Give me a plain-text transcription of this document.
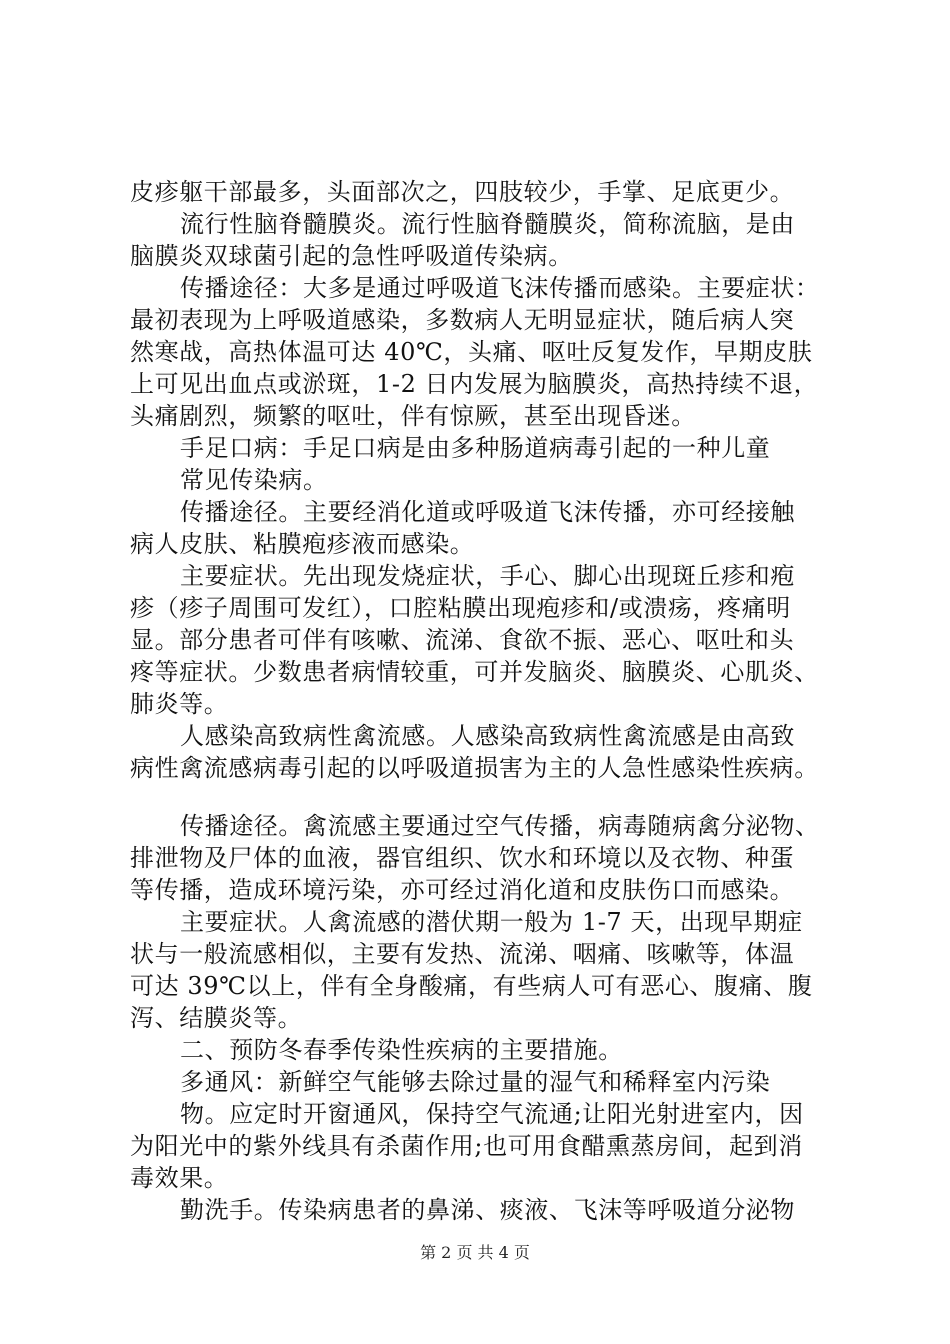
皮疹躯干部最多，头面部次之，四肢较少，手掌、足底更少。
流行性脑脊髓膜炎。流行性脑脊髓膜炎，简称流脑，是由
脑膜炎双球菌引起的急性呼吸道传染病。
传播途径：大多是通过呼吸道飞沫传播而感染。主要症状：
最初表现为上呼吸道感染，多数病人无明显症状，随后病人突
然寒战，高热体温可达 40℃，头痛、呕吐反复发作，早期皮肤
上可见出血点或淤斑，1-2 日内发展为脑膜炎，高热持续不退，
头痛剧烈，频繁的呕吐，伴有惊厥，甚至出现昏迷。
手足口病：手足口病是由多种肠道病毒引起的一种儿童
常见传染病。
传播途径。主要经消化道或呼吸道飞沫传播，亦可经接触
病人皮肤、粘膜疱疹液而感染。
主要症状。先出现发烧症状，手心、脚心出现斑丘疹和疱
疹（疹子周围可发红），口腔粘膜出现疱疹和/或溃疡，疼痛明
显。部分患者可伴有咳嗽、流涕、食欲不振、恶心、呕吐和头
疼等症状。少数患者病情较重，可并发脑炎、脑膜炎、心肌炎、
肺炎等。
人感染高致病性禽流感。人感染高致病性禽流感是由高致
病性禽流感病毒引起的以呼吸道损害为主的人急性感染性疾病。
传播途径。禽流感主要通过空气传播，病毒随病禽分泌物、
排泄物及尸体的血液，器官组织、饮水和环境以及衣物、种蛋
等传播，造成环境污染，亦可经过消化道和皮肤伤口而感染。
主要症状。人禽流感的潜伏期一般为 1-7 天，出现早期症
状与一般流感相似，主要有发热、流涕、咽痛、咳嗽等，体温
可达 39℃以上，伴有全身酸痛，有些病人可有恶心、腹痛、腹
泻、结膜炎等。
二、预防冬春季传染性疾病的主要措施。
多通风：新鲜空气能够去除过量的湿气和稀释室内污染
物。应定时开窗通风，保持空气流通;让阳光射进室内，因
为阳光中的紫外线具有杀菌作用;也可用食醋熏蒸房间，起到消
毒效果。
勤洗手。传染病患者的鼻涕、痰液、飞沫等呼吸道分泌物
第 2 页 共 4 页
